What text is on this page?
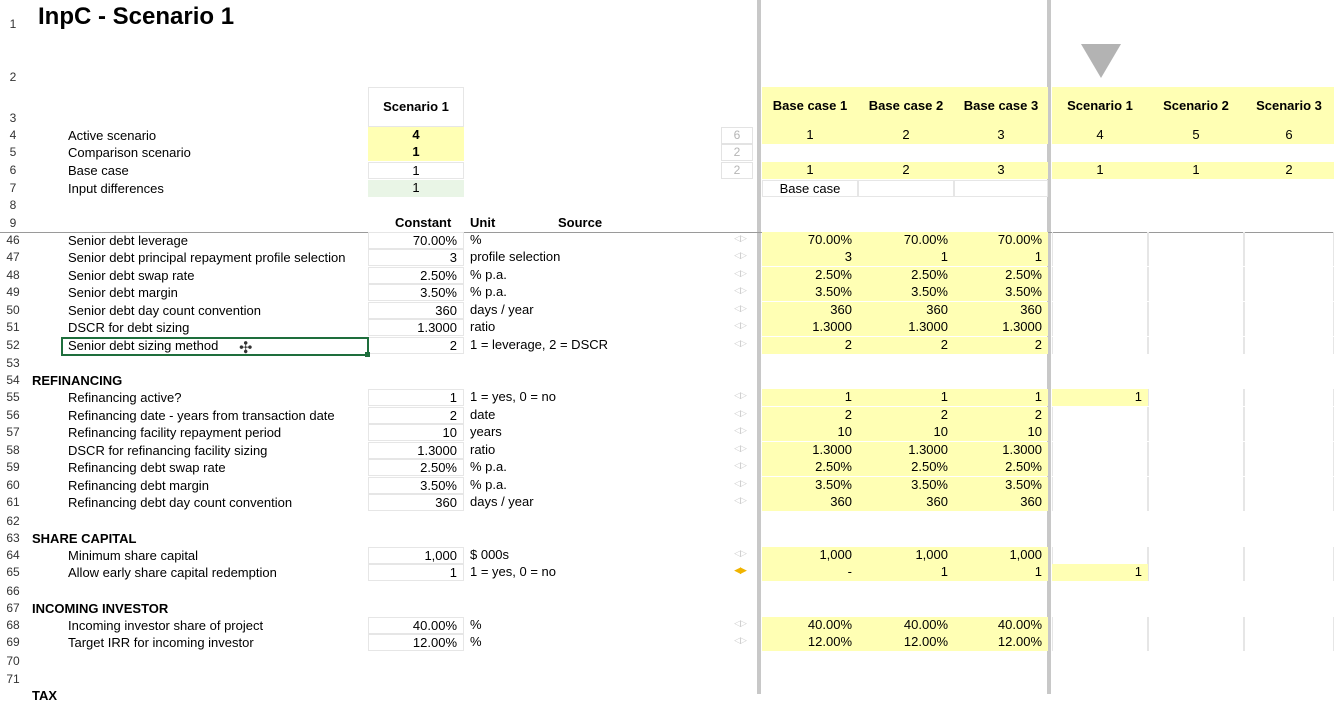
1 InpC - Scenario 1
2
3
Scenario 1	Base case 1	Base case 2	Base case 3	Scenario 1	Scenario 2	Scenario 3
4	Active scenario	4	6	1	2	3	4	5	6
5	Comparison scenario	1	2
6	Base case	1	2	1	2	3	1	1	2
7	Input differences	1	Base case
8
9	Constant	Unit	Source
46	Senior debt leverage	70.00%	%	◁▷	70.00%	70.00%	70.00%
47	Senior debt principal repayment profile selection	3	profile selection	◁▷	3	1	1
48	Senior debt swap rate	2.50%	% p.a.	◁▷	2.50%	2.50%	2.50%
49	Senior debt margin	3.50%	% p.a.	◁▷	3.50%	3.50%	3.50%
50	Senior debt day count convention	360	days / year	◁▷	360	360	360
51	DSCR for debt sizing	1.3000	ratio	◁▷	1.3000	1.3000	1.3000
52	Senior debt sizing method	2	1 = leverage, 2 = DSCR	◁▷	2	2	2
55	Refinancing active?	1	1 = yes, 0 = no	◁▷	1	1	1	1
56	Refinancing date - years from transaction date	2	date	◁▷	2	2	2
57	Refinancing facility repayment period	10	years	◁▷	10	10	10
58	DSCR for refinancing facility sizing	1.3000	ratio	◁▷	1.3000	1.3000	1.3000
59	Refinancing debt swap rate	2.50%	% p.a.	◁▷	2.50%	2.50%	2.50%
60	Refinancing debt margin	3.50%	% p.a.	◁▷	3.50%	3.50%	3.50%
61	Refinancing debt day count convention	360	days / year	◁▷	360	360	360
64	Minimum share capital	1,000	$ 000s	◁▷	1,000	1,000	1,000
65	Allow early share capital redemption	1	1 = yes, 0 = no	◀▶	-	1	1	1
68	Incoming investor share of project	40.00%	%	◁▷	40.00%	40.00%	40.00%
69	Target IRR for incoming investor	12.00%	%	◁▷	12.00%	12.00%	12.00%
53
54 REFINANCING
62
63 SHARE CAPITAL
66
67 INCOMING INVESTOR
70
71
TAX
✣
